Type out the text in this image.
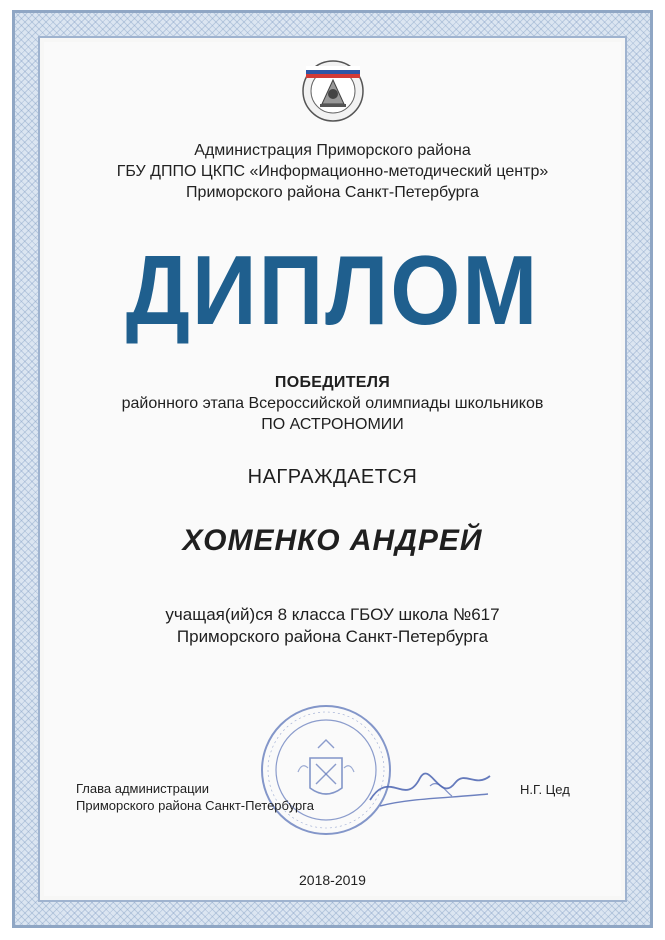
Администрация Приморского района
ГБУ ДППО ЦКПС «Информационно-методический центр»
Приморского района Санкт-Петербурга
ДИПЛОМ
ПОБЕДИТЕЛЯ
районного этапа Всероссийской олимпиады школьников
ПО АСТРОНОМИИ
НАГРАЖДАЕТСЯ
ХОМЕНКО АНДРЕЙ
учащая(ий)ся 8 класса ГБОУ школа №617
Приморского района Санкт-Петербурга
Глава администрации
Приморского района Санкт-Петербурга
Н.Г. Цед
2018-2019
